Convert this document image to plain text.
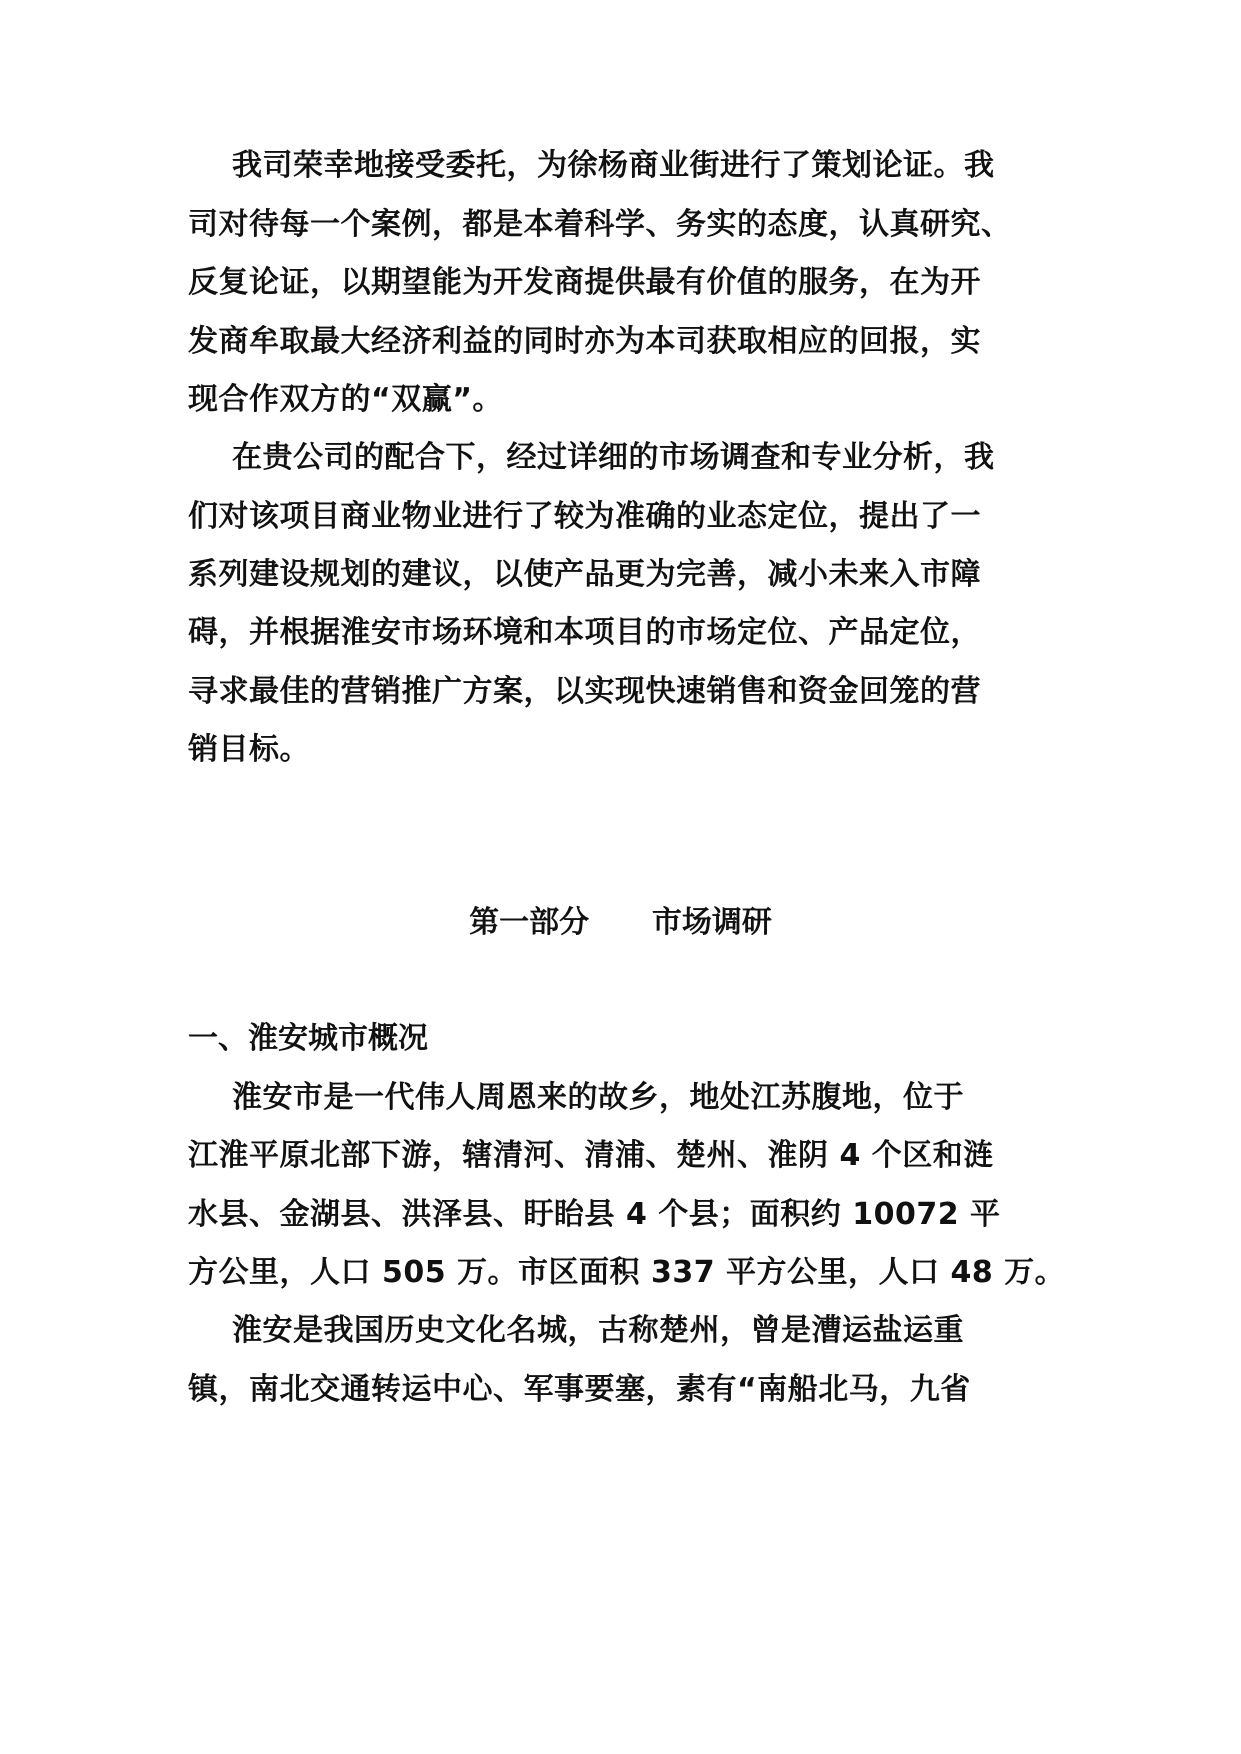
我司荣幸地接受委托，为徐杨商业街进行了策划论证。我
司对待每一个案例，都是本着科学、务实的态度，认真研究、
反复论证，以期望能为开发商提供最有价值的服务，在为开
发商牟取最大经济利益的同时亦为本司获取相应的回报，实
现合作双方的“双赢”。
在贵公司的配合下，经过详细的市场调查和专业分析，我
们对该项目商业物业进行了较为准确的业态定位，提出了一
系列建设规划的建议，以使产品更为完善，减小未来入市障
碍，并根据淮安市场环境和本项目的市场定位、产品定位，
寻求最佳的营销推广方案，以实现快速销售和资金回笼的营
销目标。
第一部分      市场调研
一、淮安城市概况
淮安市是一代伟人周恩来的故乡，地处江苏腹地，位于
江淮平原北部下游，辖清河、清浦、楚州、淮阴 4 个区和涟
水县、金湖县、洪泽县、盱眙县 4 个县；面积约 10072 平
方公里，人口 505 万。市区面积 337 平方公里，人口 48 万。
淮安是我国历史文化名城，古称楚州，曾是漕运盐运重
镇，南北交通转运中心、军事要塞，素有“南船北马，九省
